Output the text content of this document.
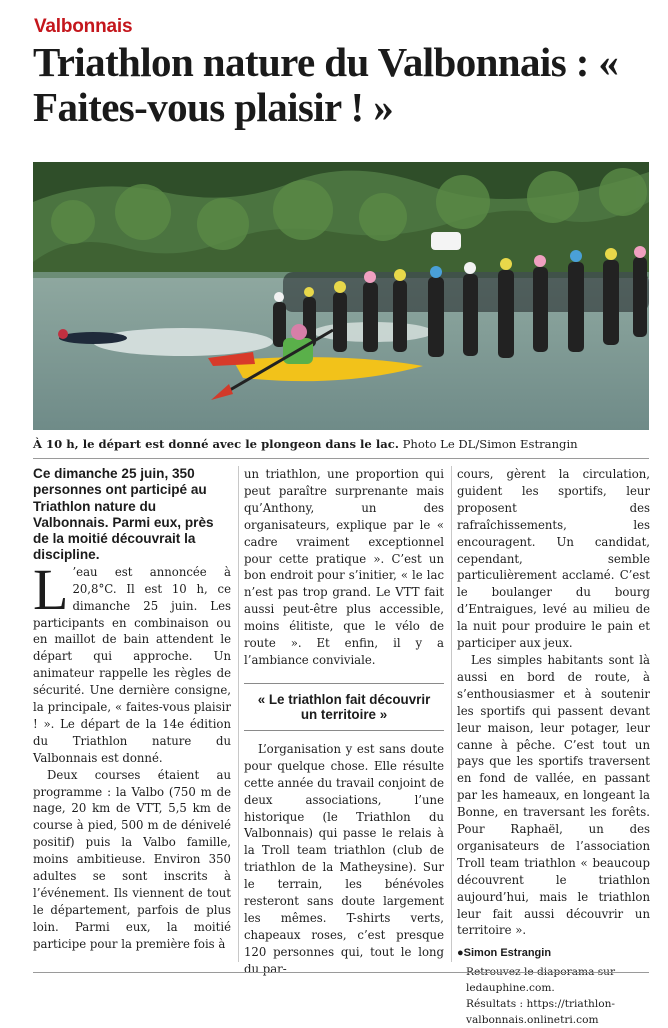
Valbonnais
Triathlon nature du Valbonnais : « Faites-vous plaisir ! »
À 10 h, le départ est donné avec le plongeon dans le lac. Photo Le DL/Simon Estrangin

Ce dimanche 25 juin, 350 personnes ont participé au Triathlon nature du Valbonnais. Parmi eux, près de la moitié découvrait la discipline.

L ’eau est annoncée à 20,8°C. Il est 10 h, ce dimanche 25 juin. Les participants en combinaison ou en maillot de bain attendent le départ qui approche. Un animateur rappelle les règles de sécurité. Une dernière consigne, la principale, « faites-vous plaisir ! ». Le départ de la 14e édition du Triathlon nature du Valbonnais est donné.

Deux courses étaient au programme : la Valbo (750 m de nage, 20 km de VTT, 5,5 km de course à pied, 500 m de dénivelé positif) puis la Valbo famille, moins ambitieuse. Environ 350 adultes se sont inscrits à l’événement. Ils viennent de tout le département, parfois de plus loin. Parmi eux, la moitié participe pour la première fois à

un triathlon, une proportion qui peut paraître surprenante mais qu’Anthony, un des organisateurs, explique par le « cadre vraiment exceptionnel pour cette pratique ». C’est un bon endroit pour s’initier, « le lac n’est pas trop grand. Le VTT fait aussi peut-être plus accessible, moins élitiste, que le vélo de route ». Et enfin, il y a l’ambiance conviviale.

« Le triathlon fait découvrir un territoire »

L’organisation y est sans doute pour quelque chose. Elle résulte cette année du travail conjoint de deux associations, l’une historique (le Triathlon du Valbonnais) qui passe le relais à la Troll team triathlon (club de triathlon de la Matheysine). Sur le terrain, les bénévoles resteront sans doute largement les mêmes. T-shirts verts, chapeaux roses, c’est presque 120 personnes qui, tout le long du par-

cours, gèrent la circulation, guident les sportifs, leur proposent des rafraîchissements, les encouragent. Un candidat, cependant, semble particulièrement acclamé. C’est le boulanger du bourg d’Entraigues, levé au milieu de la nuit pour produire le pain et participer aux jeux.

Les simples habitants sont là aussi en bord de route, à s’enthousiasmer et à soutenir les sportifs qui passent devant leur maison, leur potager, leur canne à pêche. C’est tout un pays que les sportifs traversent en fond de vallée, en passant par les hameaux, en longeant la Bonne, en traversant les forêts. Pour Raphaël, un des organisateurs de l’association Troll team triathlon « beaucoup découvrent le triathlon aujourd’hui, mais le triathlon leur fait aussi découvrir un territoire ».

●Simon Estrangin
Retrouvez le diaporama sur ledauphine.com.
Résultats : https://triathlon-valbonnais.onlinetri.com
